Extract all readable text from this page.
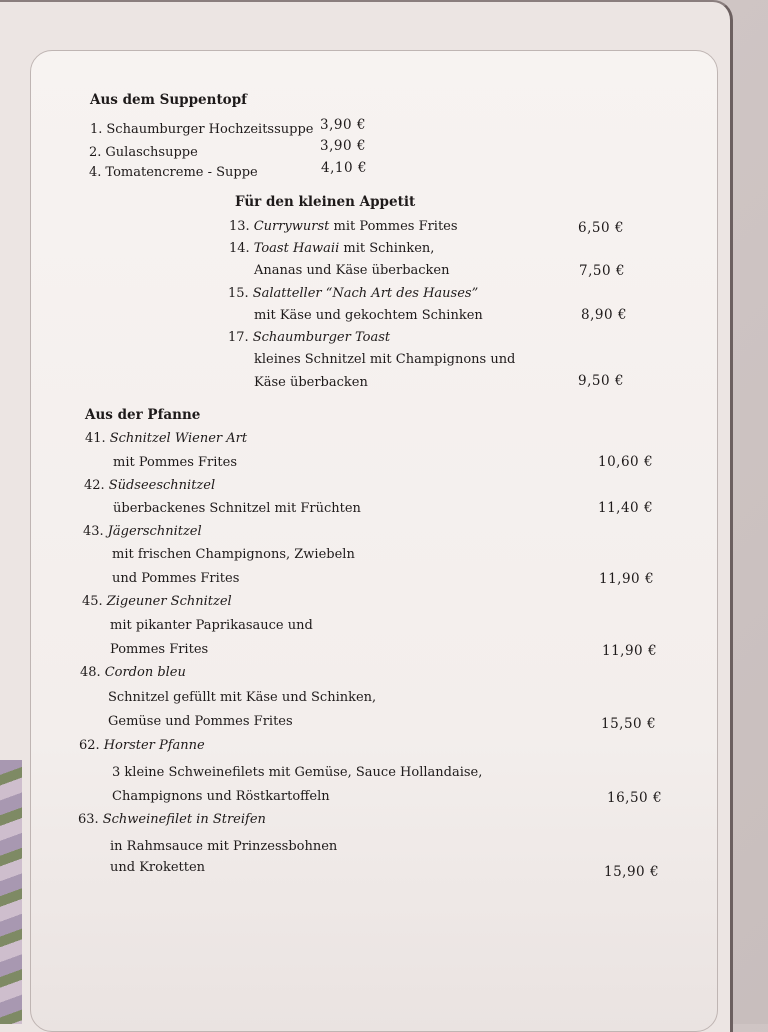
Aus dem Suppentopf
1. Schaumburger Hochzeitssuppe 3,90 €
2. Gulaschsuppe	3,90 €
4. Tomatencreme - Suppe	4,10 €
Für den kleinen Appetit
13. Currywurst mit Pommes Frites	6,50 €
14. Toast Hawaii mit Schinken,
Ananas und Käse überbacken	7,50 €
15. Salatteller “Nach Art des Hauses”
mit Käse und gekochtem Schinken	8,90 €
17. Schaumburger Toast
kleines Schnitzel mit Champignons und
Käse überbacken	9,50 €
Aus der Pfanne
41. Schnitzel Wiener Art
mit Pommes Frites	10,60 €
42. Südseeschnitzel
überbackenes Schnitzel mit Früchten	11,40 €
43. Jägerschnitzel
mit frischen Champignons, Zwiebeln
und Pommes Frites	11,90 €
45. Zigeuner Schnitzel
mit pikanter Paprikasauce und
Pommes Frites	11,90 €
48. Cordon bleu
Schnitzel gefüllt mit Käse und Schinken,
Gemüse und Pommes Frites	15,50 €
62. Horster Pfanne
3 kleine Schweinefilets mit Gemüse, Sauce Hollandaise,
Champignons und Röstkartoffeln	16,50 €
63. Schweinefilet in Streifen
in Rahmsauce mit Prinzessbohnen
und Kroketten	15,90 €
